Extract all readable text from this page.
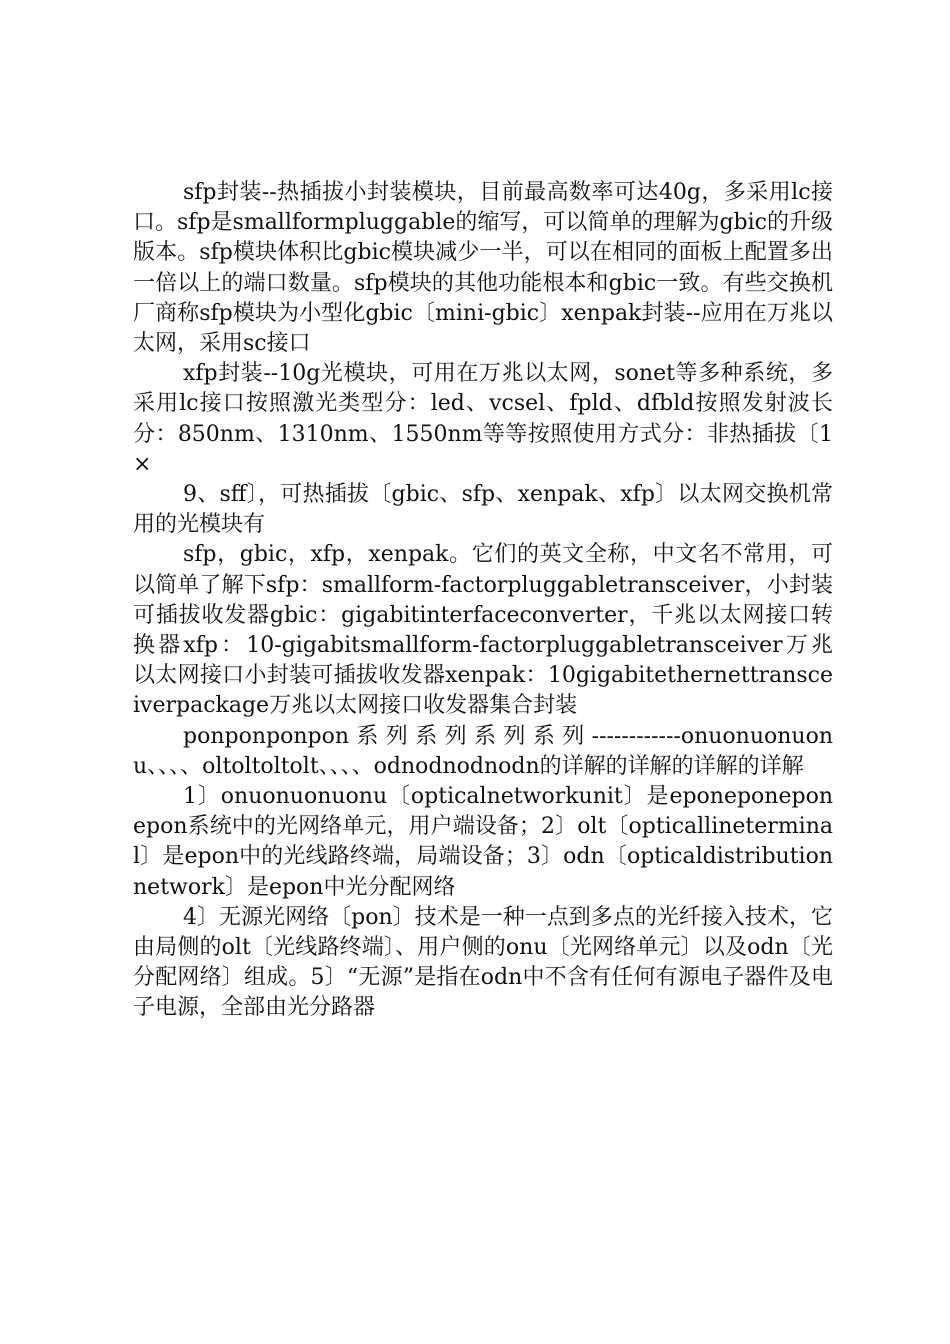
sfp封装--热插拔小封装模块，目前最高数率可达40g，多采用lc接口。sfp是smallformpluggable的缩写，可以简单的理解为gbic的升级版本。sfp模块体积比gbic模块减少一半，可以在相同的面板上配置多出一倍以上的端口数量。sfp模块的其他功能根本和gbic一致。有些交换机厂商称sfp模块为小型化gbic〔mini-gbic〕xenpak封装--应用在万兆以太网，采用sc接口

xfp封装--10g光模块，可用在万兆以太网，sonet等多种系统，多采用lc接口按照激光类型分：led、vcsel、fpld、dfbld按照发射波长分：850nm、1310nm、1550nm等等按照使用方式分：非热插拔〔1×

9、sff〕，可热插拔〔gbic、sfp、xenpak、xfp〕以太网交换机常用的光模块有

sfp，gbic，xfp，xenpak。它们的英文全称，中文名不常用，可以简单了解下sfp：smallform-factorpluggabletransceiver，小封装可插拔收发器gbic：gigabitinterfaceconverter，千兆以太网接口转换器xfp：10-gigabitsmallform-factorpluggabletransceiver万兆以太网接口小封装可插拔收发器xenpak：10gigabitethernettransceiverpackage万兆以太网接口收发器集合封装

ponponponpon系列系列系列系列------------onuonuonuonu、、、、oltoltoltolt、、、、odnodnodnodn的详解的详解的详解的详解

1〕onuonuonuonu〔opticalnetworkunit〕是eponeponeponepon系统中的光网络单元，用户端设备；2〕olt〔opticallineterminal〕是epon中的光线路终端，局端设备；3〕odn〔opticaldistributionnetwork〕是epon中光分配网络

4〕无源光网络〔pon〕技术是一种一点到多点的光纤接入技术，它由局侧的olt〔光线路终端〕、用户侧的onu〔光网络单元〕以及odn〔光分配网络〕组成。5〕“无源”是指在odn中不含有任何有源电子器件及电子电源，全部由光分路器
